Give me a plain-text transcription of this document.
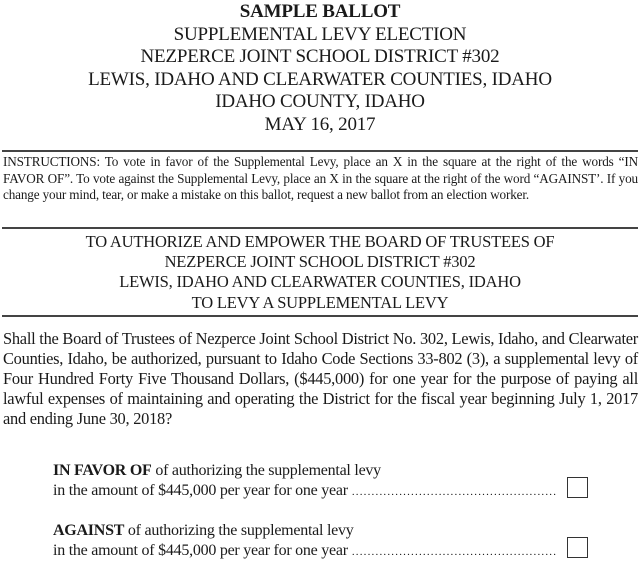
SAMPLE BALLOT
SUPPLEMENTAL LEVY ELECTION
NEZPERCE JOINT SCHOOL DISTRICT #302
LEWIS, IDAHO AND CLEARWATER COUNTIES, IDAHO
IDAHO COUNTY, IDAHO
MAY 16, 2017
INSTRUCTIONS: To vote in favor of the Supplemental Levy, place an X in the square at the right of the words “IN FAVOR OF”. To vote against the Supplemental Levy, place an X in the square at the right of the word “AGAINST’. If you change your mind, tear, or make a mistake on this ballot, request a new ballot from an election worker.
TO AUTHORIZE AND EMPOWER THE BOARD OF TRUSTEES OF
NEZPERCE JOINT SCHOOL DISTRICT #302
LEWIS, IDAHO AND CLEARWATER COUNTIES, IDAHO
TO LEVY A SUPPLEMENTAL LEVY
Shall the Board of Trustees of Nezperce Joint School District No. 302, Lewis, Idaho, and Clearwater Counties, Idaho, be authorized, pursuant to Idaho Code Sections 33-802 (3), a supplemental levy of Four Hundred Forty Five Thousand Dollars, ($445,000) for one year for the purpose of paying all lawful expenses of maintaining and operating the District for the fiscal year beginning July 1, 2017 and ending June 30, 2018?
IN FAVOR OF of authorizing the supplemental levy
in the amount of $445,000 per year for one year
.....
AGAINST of authorizing the supplemental levy
in the amount of $445,000 per year for one year
.....
